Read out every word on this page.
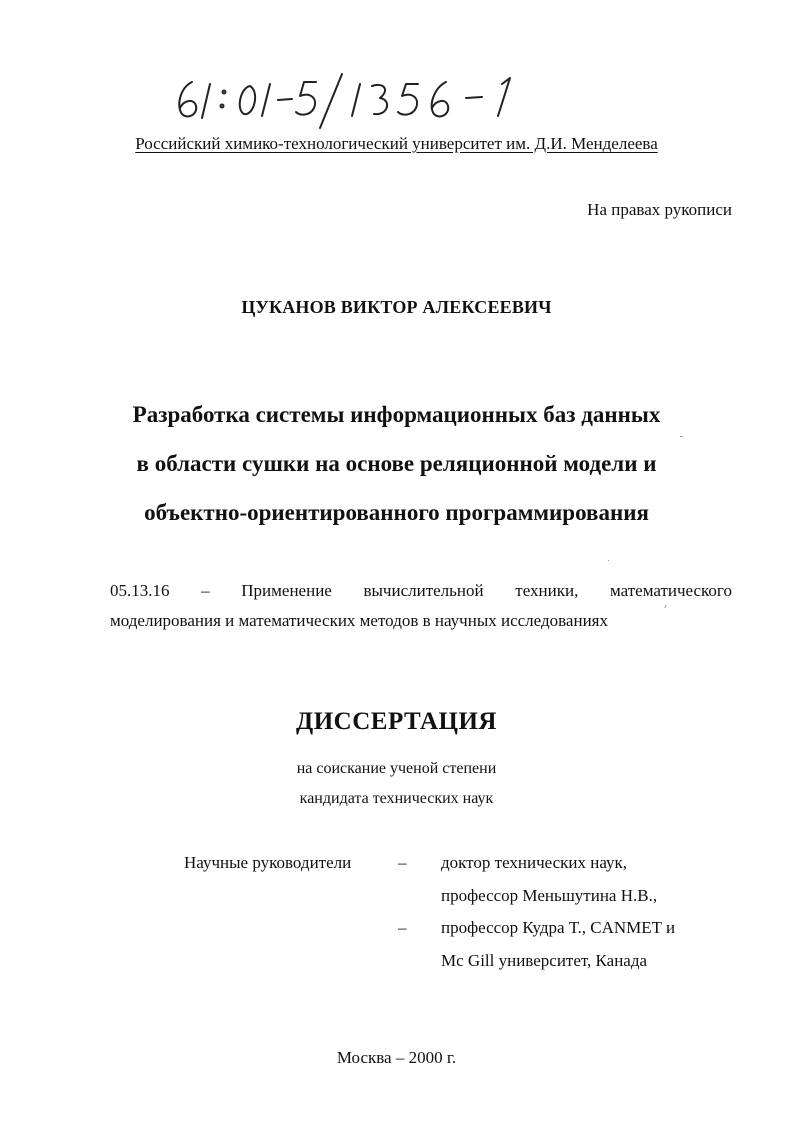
Российский химико-технологический университет им. Д.И. Менделеева
На правах рукописи
ЦУКАНОВ ВИКТОР АЛЕКСЕЕВИЧ
Разработка системы информационных баз данных
в области сушки на основе реляционной модели и
объектно-ориентированного программирования
05.13.16 – Применение вычислительной техники, математического
моделирования и математических методов в научных исследованиях
ДИССЕРТАЦИЯ
на соискание ученой степени
кандидата технических наук
Научные руководители	– доктор технических наук,
профессор Меньшутина Н.В.,
– профессор Кудра Т., CANMET и
Mc Gill университет, Канада
Москва – 2000 г.
